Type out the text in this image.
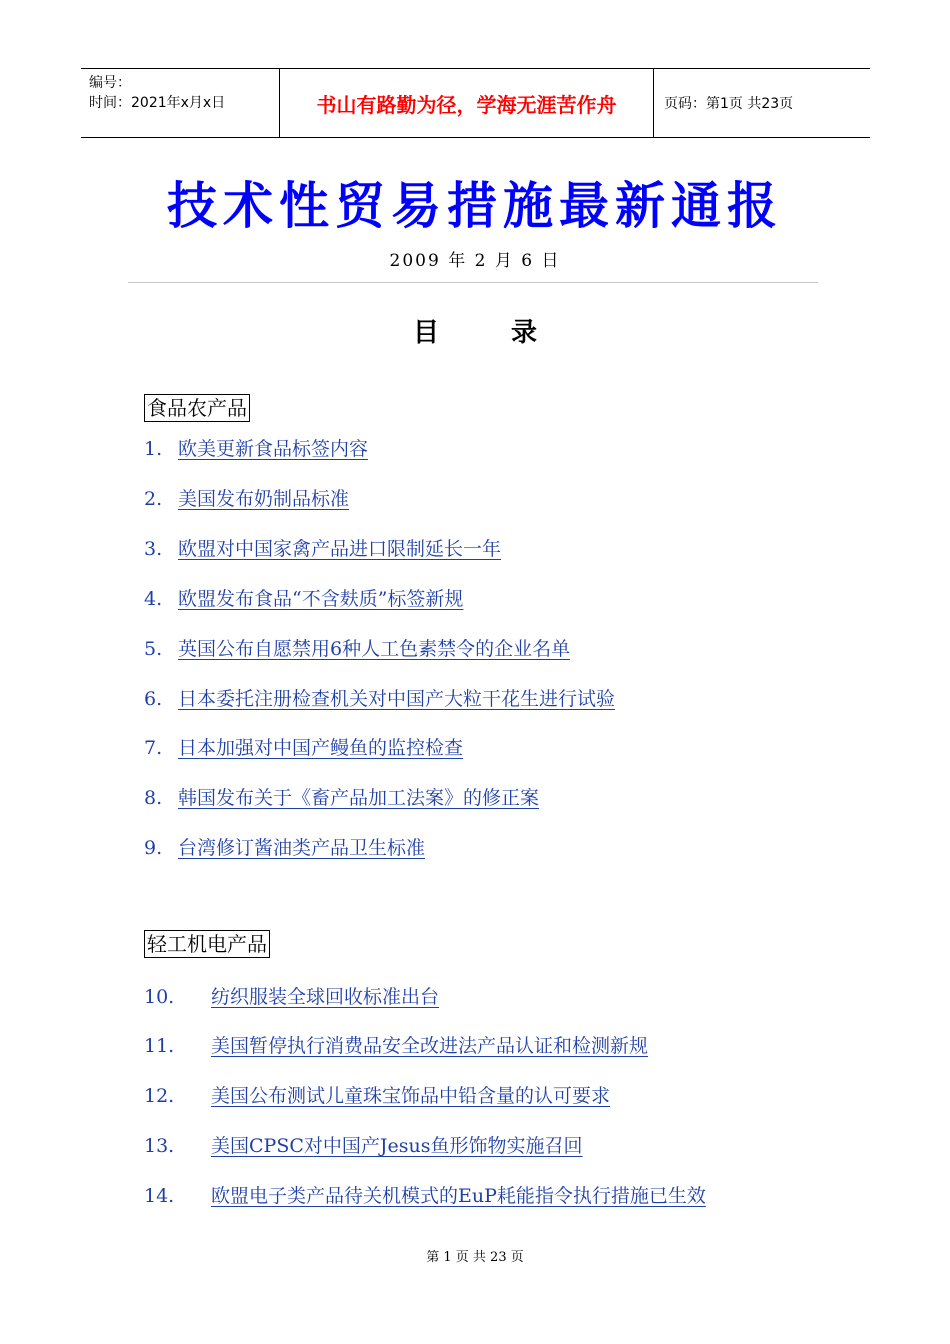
编号：
时间：2021年x月x日	书山有路勤为径，学海无涯苦作舟	页码：第1页 共23页
技术性贸易措施最新通报
2009 年 2 月 6 日
目	录
食品农产品
1. 欧美更新食品标签内容
2. 美国发布奶制品标准
3. 欧盟对中国家禽产品进口限制延长一年
4. 欧盟发布食品“不含麸质”标签新规
5. 英国公布自愿禁用6种人工色素禁令的企业名单
6. 日本委托注册检查机关对中国产大粒干花生进行试验
7. 日本加强对中国产鳗鱼的监控检查
8. 韩国发布关于《畜产品加工法案》的修正案
9. 台湾修订酱油类产品卫生标准
轻工机电产品
10. 纺织服装全球回收标准出台
11. 美国暂停执行消费品安全改进法产品认证和检测新规
12. 美国公布测试儿童珠宝饰品中铅含量的认可要求
13. 美国CPSC对中国产Jesus鱼形饰物实施召回
14. 欧盟电子类产品待关机模式的EuP耗能指令执行措施已生效
第 1 页 共 23 页
